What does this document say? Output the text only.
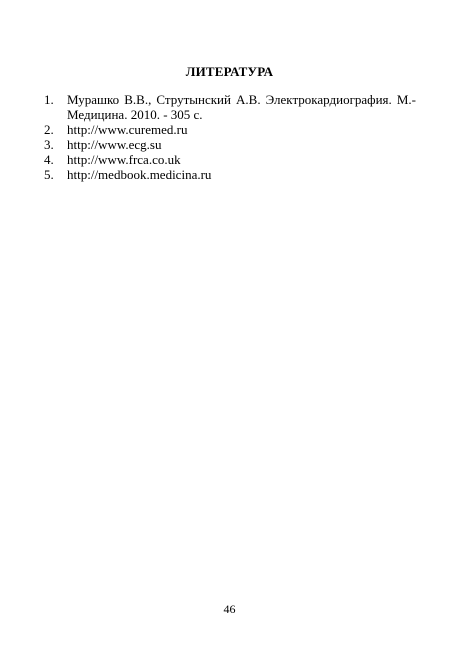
ЛИТЕРАТУРА
1.	Мурашко В.В., Струтынский А.В. Электрокардиография. М.-Медицина. 2010. - 305 с.
2.	http://www.curemed.ru
3.	http://www.ecg.su
4.	http://www.frca.co.uk
5.	http://medbook.medicina.ru
46
